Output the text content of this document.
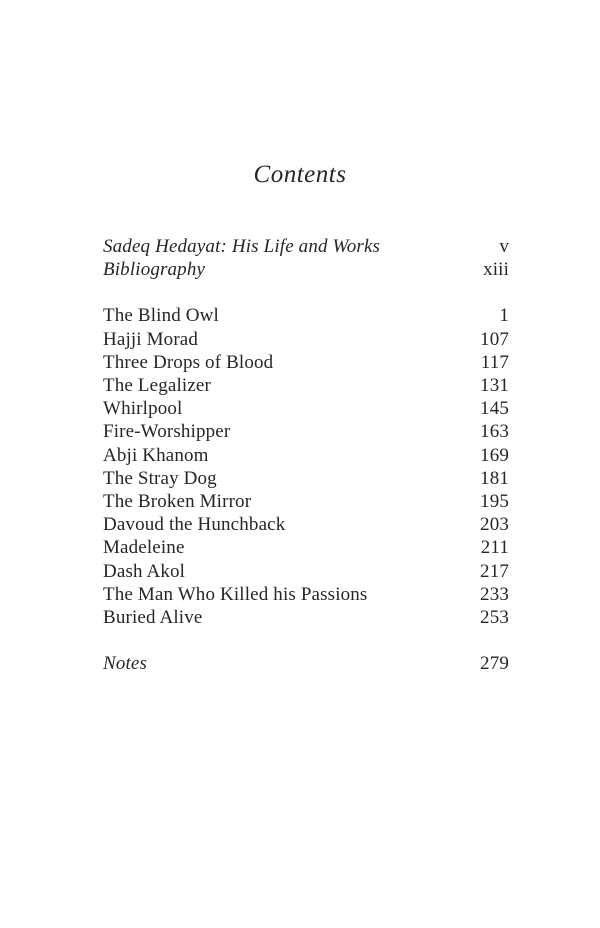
Contents
Sadeq Hedayat: His Life and Works	v
Bibliography	xiii
The Blind Owl	1
Hajji Morad	107
Three Drops of Blood	117
The Legalizer	131
Whirlpool	145
Fire-Worshipper	163
Abji Khanom	169
The Stray Dog	181
The Broken Mirror	195
Davoud the Hunchback	203
Madeleine	211
Dash Akol	217
The Man Who Killed his Passions	233
Buried Alive	253
Notes	279
